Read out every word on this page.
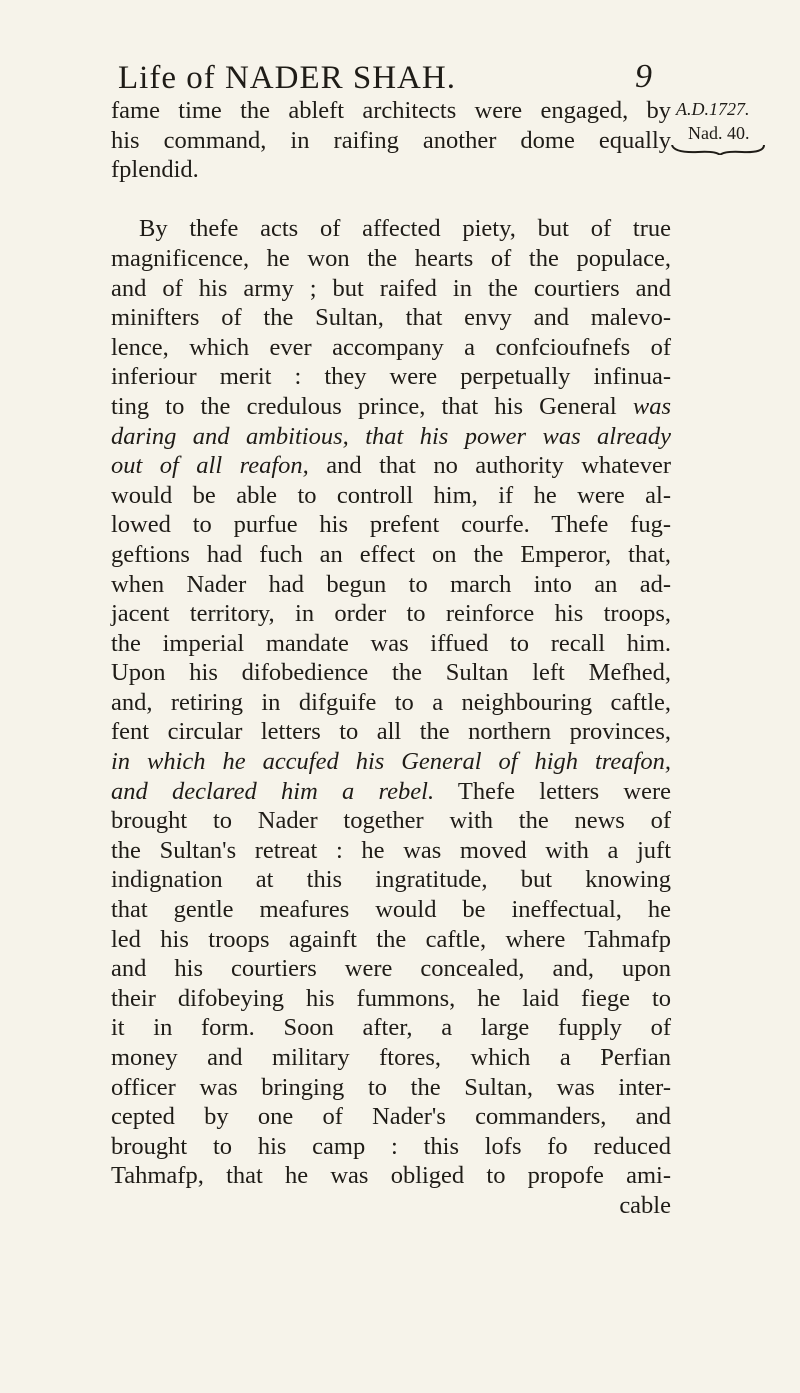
Life of NADER SHAH.	9
A.D.1727.
Nad. 40.
fame time the ableft architects were engaged, by
his command, in raifing another dome equally
fplendid.
By thefe acts of affected piety, but of true
magnificence, he won the hearts of the populace,
and of his army ; but raifed in the courtiers and
minifters of the Sultan, that envy and malevo-
lence, which ever accompany a confcioufnefs of
inferiour merit : they were perpetually infinua-
ting to the credulous prince, that his General was
daring and ambitious, that his power was already
out of all reafon, and that no authority whatever
would be able to controll him, if he were al-
lowed to purfue his prefent courfe. Thefe fug-
geftions had fuch an effect on the Emperor, that,
when Nader had begun to march into an ad-
jacent territory, in order to reinforce his troops,
the imperial mandate was iffued to recall him.
Upon his difobedience the Sultan left Mefhed,
and, retiring in difguife to a neighbouring caftle,
fent circular letters to all the northern provinces,
in which he accufed his General of high treafon,
and declared him a rebel. Thefe letters were
brought to Nader together with the news of
the Sultan's retreat : he was moved with a juft
indignation at this ingratitude, but knowing
that gentle meafures would be ineffectual, he
led his troops againft the caftle, where Tahmafp
and his courtiers were concealed, and, upon
their difobeying his fummons, he laid fiege to
it in form. Soon after, a large fupply of
money and military ftores, which a Perfian
officer was bringing to the Sultan, was inter-
cepted by one of Nader's commanders, and
brought to his camp : this lofs fo reduced
Tahmafp, that he was obliged to propofe ami-
cable
